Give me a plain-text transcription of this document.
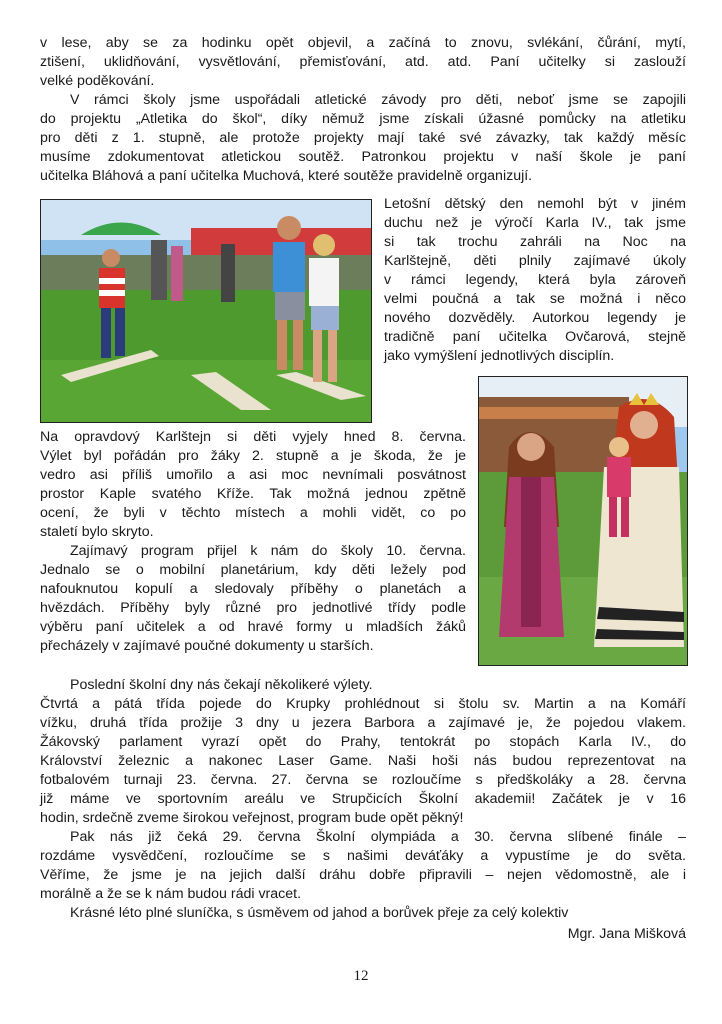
v lese, aby se za hodinku opět objevil, a začíná to znovu, svlékání, čůrání, mytí,
ztišení, uklidňování, vysvětlování, přemisťování, atd. atd. Paní učitelky si zaslouží
velké poděkování.
V rámci školy jsme uspořádali atletické závody pro děti, neboť jsme se zapojili
do projektu „Atletika do škol“, díky němuž jsme získali úžasné pomůcky na atletiku
pro děti z 1. stupně, ale protože projekty mají také své závazky, tak každý měsíc
musíme zdokumentovat atletickou soutěž. Patronkou projektu v naší škole je paní
učitelka Bláhová a paní učitelka Muchová, které soutěže pravidelně organizují.
Letošní dětský den nemohl být v jiném
duchu než je výročí Karla IV., tak jsme
si tak trochu zahráli na Noc na
Karlštejně, děti plnily zajímavé úkoly
v rámci legendy, která byla zároveň
velmi poučná a tak se možná i něco
nového dozvěděly. Autorkou legendy je
tradičně paní učitelka Ovčarová, stejně
jako vymýšlení jednotlivých disciplín.
Na opravdový Karlštejn si děti vyjely hned 8. června.
Výlet byl pořádán pro žáky 2. stupně a je škoda, že je
vedro asi příliš umořilo a asi moc nevnímali posvátnost
prostor Kaple svatého Kříže. Tak možná jednou zpětně
ocení, že byli v těchto místech a mohli vidět, co po
staletí bylo skryto.
Zajímavý program přijel k nám do školy 10. června.
Jednalo se o mobilní planetárium, kdy děti ležely pod
nafouknutou kopulí a sledovaly příběhy o planetách a
hvězdách. Příběhy byly různé pro jednotlivé třídy podle
výběru paní učitelek a od hravé formy u mladších žáků
přecházely v zajímavé poučné dokumenty u starších.
Poslední školní dny nás čekají několikeré výlety.
Čtvrtá a pátá třída pojede do Krupky prohlédnout si štolu sv. Martin a na Komáří
vížku, druhá třída prožije 3 dny u jezera Barbora a zajímavé je, že pojedou vlakem.
Žákovský parlament vyrazí opět do Prahy, tentokrát po stopách Karla IV., do
Království železnic a nakonec Laser Game. Naši hoši nás budou reprezentovat na
fotbalovém turnaji 23. června. 27. června se rozloučíme s předškoláky a 28. června
již máme ve sportovním areálu ve Strupčicích Školní akademii! Začátek je v 16
hodin, srdečně zveme širokou veřejnost, program bude opět pěkný!
Pak nás již čeká 29. června Školní olympiáda a 30. června slíbené finále –
rozdáme vysvědčení, rozloučíme se s našimi deváťáky a vypustíme je do světa.
Věříme, že jsme je na jejich další dráhu dobře připravili – nejen vědomostně, ale i
morálně a že se k nám budou rádi vracet.
Krásné léto plné sluníčka, s úsměvem od jahod a borůvek přeje za celý kolektiv
Mgr. Jana Mišková
12
